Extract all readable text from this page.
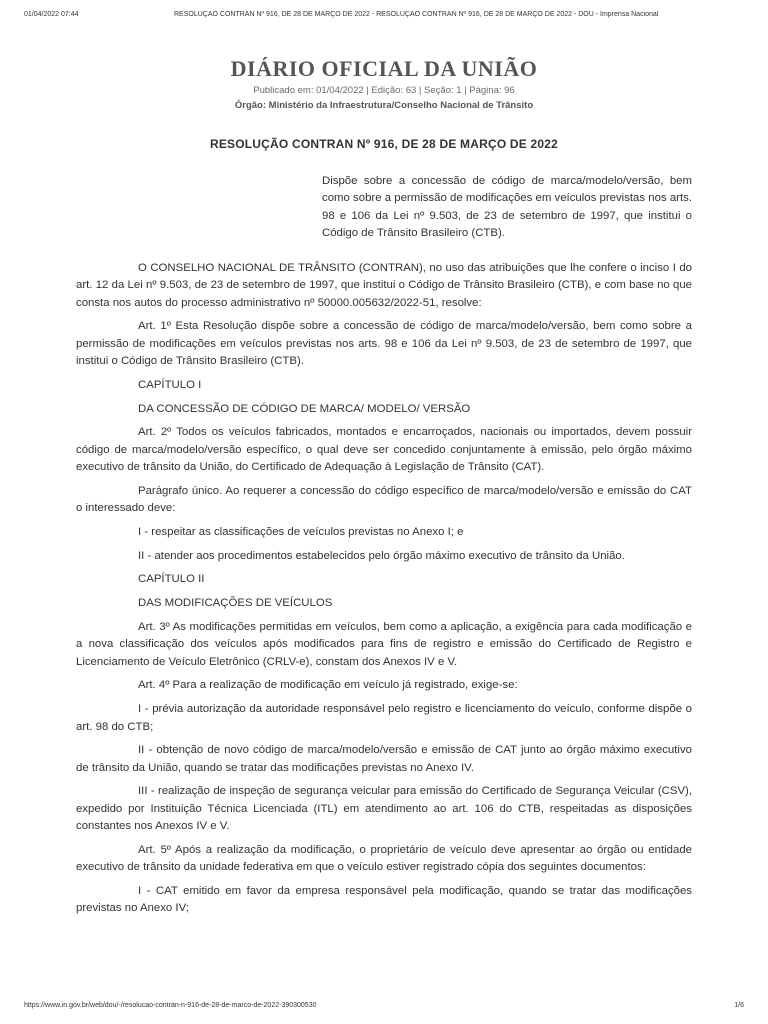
01/04/2022 07:44	RESOLUÇÃO CONTRAN Nº 916, DE 28 DE MARÇO DE 2022 - RESOLUÇÃO CONTRAN Nº 916, DE 28 DE MARÇO DE 2022 - DOU - Imprensa Nacional
DIÁRIO OFICIAL DA UNIÃO
Publicado em: 01/04/2022 | Edição: 63 | Seção: 1 | Página: 96
Órgão: Ministério da Infraestrutura/Conselho Nacional de Trânsito
RESOLUÇÃO CONTRAN Nº 916, DE 28 DE MARÇO DE 2022
Dispõe sobre a concessão de código de marca/modelo/versão, bem como sobre a permissão de modificações em veículos previstas nos arts. 98 e 106 da Lei nº 9.503, de 23 de setembro de 1997, que institui o Código de Trânsito Brasileiro (CTB).

O CONSELHO NACIONAL DE TRÂNSITO (CONTRAN), no uso das atribuições que lhe confere o inciso I do art. 12 da Lei nº 9.503, de 23 de setembro de 1997, que institui o Código de Trânsito Brasileiro (CTB), e com base no que consta nos autos do processo administrativo nº 50000.005632/2022-51, resolve:

Art. 1º Esta Resolução dispõe sobre a concessão de código de marca/modelo/versão, bem como sobre a permissão de modificações em veículos previstas nos arts. 98 e 106 da Lei nº 9.503, de 23 de setembro de 1997, que institui o Código de Trânsito Brasileiro (CTB).

CAPÍTULO I

DA CONCESSÃO DE CÓDIGO DE MARCA/ MODELO/ VERSÃO

Art. 2º Todos os veículos fabricados, montados e encarroçados, nacionais ou importados, devem possuir código de marca/modelo/versão específico, o qual deve ser concedido conjuntamente à emissão, pelo órgão máximo executivo de trânsito da União, do Certificado de Adequação à Legislação de Trânsito (CAT).

Parágrafo único. Ao requerer a concessão do código específico de marca/modelo/versão e emissão do CAT o interessado deve:

I - respeitar as classificações de veículos previstas no Anexo I; e

II - atender aos procedimentos estabelecidos pelo órgão máximo executivo de trânsito da União.

CAPÍTULO II

DAS MODIFICAÇÕES DE VEÍCULOS

Art. 3º As modificações permitidas em veículos, bem como a aplicação, a exigência para cada modificação e a nova classificação dos veículos após modificados para fins de registro e emissão do Certificado de Registro e Licenciamento de Veículo Eletrônico (CRLV-e), constam dos Anexos IV e V.

Art. 4º Para a realização de modificação em veículo já registrado, exige-se:

I - prévia autorização da autoridade responsável pelo registro e licenciamento do veículo, conforme dispõe o art. 98 do CTB;

II - obtenção de novo código de marca/modelo/versão e emissão de CAT junto ao órgão máximo executivo de trânsito da União, quando se tratar das modificações previstas no Anexo IV.

III - realização de inspeção de segurança veicular para emissão do Certificado de Segurança Veicular (CSV), expedido por Instituição Técnica Licenciada (ITL) em atendimento ao art. 106 do CTB, respeitadas as disposições constantes nos Anexos IV e V.

Art. 5º Após a realização da modificação, o proprietário de veículo deve apresentar ao órgão ou entidade executivo de trânsito da unidade federativa em que o veículo estiver registrado cópia dos seguintes documentos:

I - CAT emitido em favor da empresa responsável pela modificação, quando se tratar das modificações previstas no Anexo IV;

https://www.in.gov.br/web/dou/-/resolucao-contran-n-916-de-28-de-marco-de-2022-390300530	1/6
